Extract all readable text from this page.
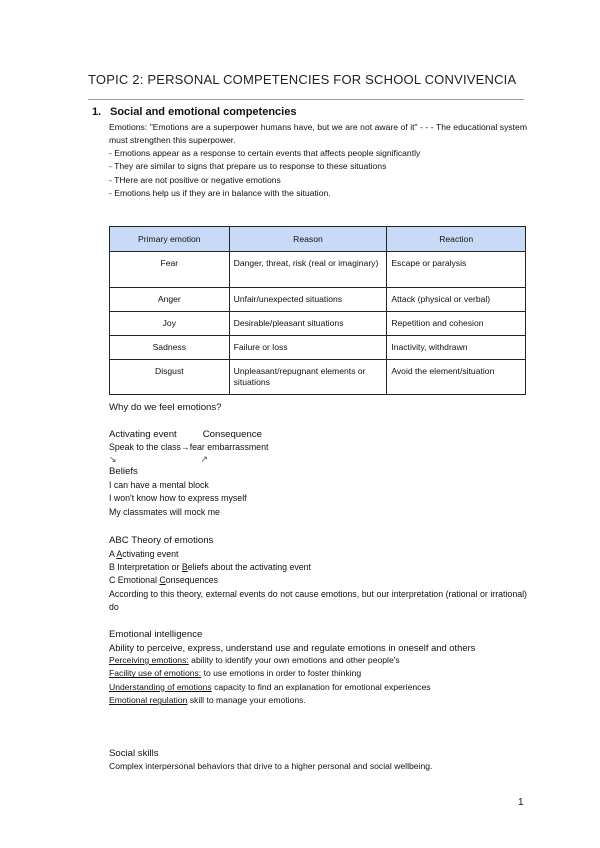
TOPIC 2: PERSONAL COMPETENCIES FOR SCHOOL CONVIVENCIA
1. Social and emotional competencies
Emotions: "Emotions are a superpower humans have, but we are not aware of it" - - - The educational system must strengthen this superpower.
- Emotions appear as a response to certain events that affects people significantly
- They are similar to signs that prepare us to response to these situations
- THere are not positive or negative emotions
- Emotions help us if they are in balance with the situation.
Primary emotion	Reason	Reaction
Fear	Danger, threat, risk (real or imaginary)	Escape or paralysis
Anger	Unfair/unexpected situations	Attack (physical or verbal)
Joy	Desirable/pleasant situations	Repetition and cohesion
Sadness	Failure or loss	Inactivity, withdrawn
Disgust	Unpleasant/repugnant elements or situations	Avoid the element/situation
Why do we feel emotions?
Activating event	Consequence
Speak to the class→fear embarrassment
↘	↗
Beliefs
I can have a mental block
I won't know how to express myself
My classmates will mock me
ABC Theory of emotions
A Activating event
B Interpretation or Beliefs about the activating event
C Emotional Consequences
According to this theory, external events do not cause emotions, but our interpretation (rational or irrational) do
Emotional intelligence
Ability to perceive, express, understand use and regulate emotions in oneself and others
Perceiving emotions: ability to identify your own emotions and other people's
Facility use of emotions: to use emotions in order to foster thinking
Understanding of emotions capacity to find an explanation for emotional experiences
Emotional regulation skill to manage your emotions.
Social skills
Complex interpersonal behaviors that drive to a higher personal and social wellbeing.
1
